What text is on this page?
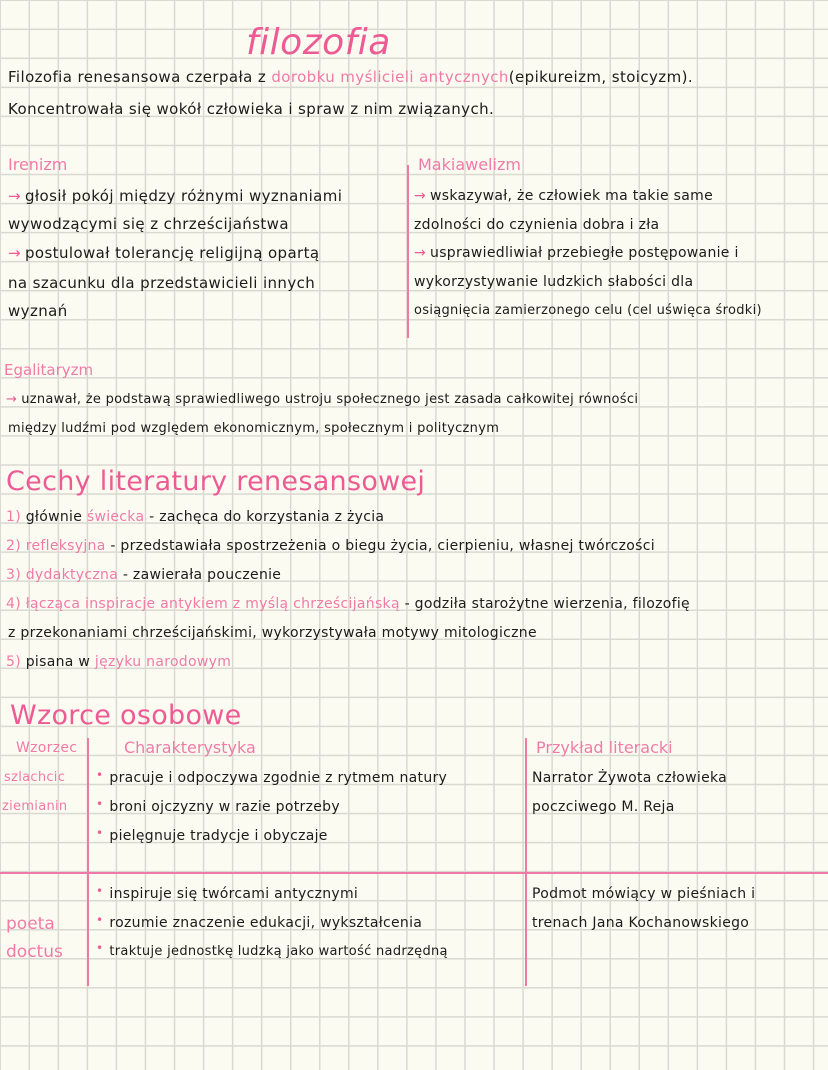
filozofia
Filozofia renesansowa czerpała z dorobku myślicieli antycznych(epikureizm, stoicyzm).
Koncentrowała się wokół człowieka i spraw z nim związanych.
Irenizm
→ głosił pokój między różnymi wyznaniami
wywodzącymi się z chrześcijaństwa
→ postulował tolerancję religijną opartą
na szacunku dla przedstawicieli innych
wyznań
Makiawelizm
→ wskazywał, że człowiek ma takie same
zdolności do czynienia dobra i zła
→ usprawiedliwiał przebiegłe postępowanie i
wykorzystywanie ludzkich słabości dla
osiągnięcia zamierzonego celu (cel uświęca środki)
Egalitaryzm
→ uznawał, że podstawą sprawiedliwego ustroju społecznego jest zasada całkowitej równości
między ludźmi pod względem ekonomicznym, społecznym i politycznym
Cechy literatury renesansowej
1) głównie świecka - zachęca do korzystania z życia
2) refleksyjna - przedstawiała spostrzeżenia o biegu życia, cierpieniu, własnej twórczości
3) dydaktyczna - zawierała pouczenie
4) łącząca inspiracje antykiem z myślą chrześcijańską - godziła starożytne wierzenia, filozofię
z przekonaniami chrześcijańskimi, wykorzystywała motywy mitologiczne
5) pisana w języku narodowym
Wzorce osobowe
Wzorzec	Charakterystyka	Przykład literacki
szlachcic
ziemianin
• pracuje i odpoczywa zgodnie z rytmem natury
• broni ojczyzny w razie potrzeby
• pielęgnuje tradycje i obyczaje
Narrator Żywota człowieka
poczciwego M. Reja
poeta
doctus
• inspiruje się twórcami antycznymi
• rozumie znaczenie edukacji, wykształcenia
• traktuje jednostkę ludzką jako wartość nadrzędną
Podmot mówiący w pieśniach i
trenach Jana Kochanowskiego
